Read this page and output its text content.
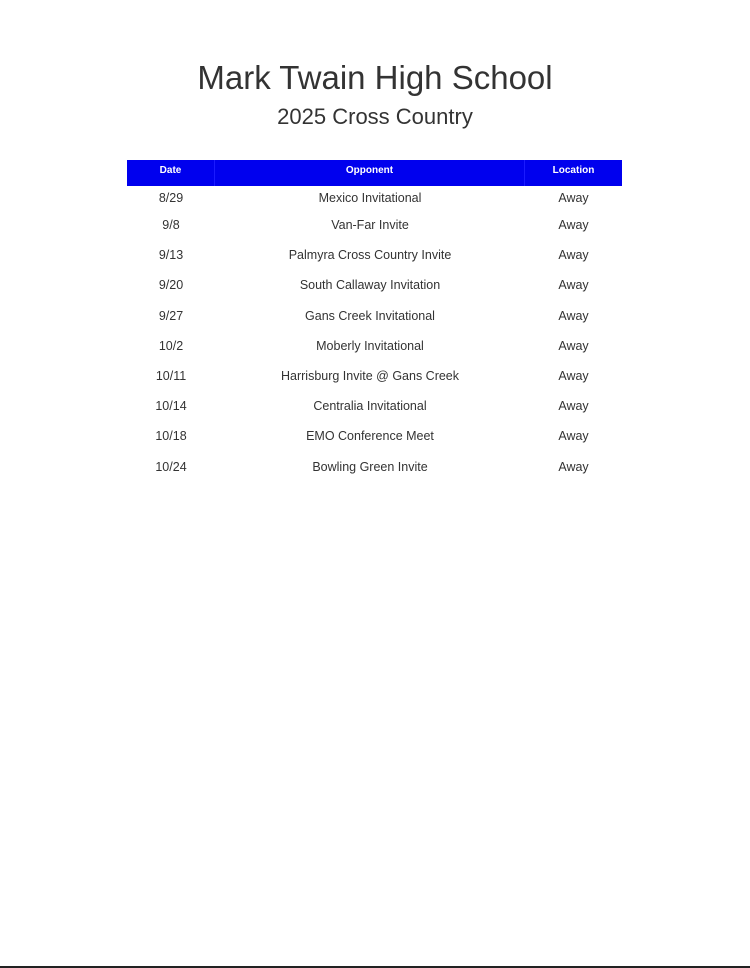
Mark Twain High School
2025 Cross Country
Date	Opponent	Location
8/29	Mexico Invitational	Away
9/8	Van-Far Invite	Away
9/13	Palmyra Cross Country Invite	Away
9/20	South Callaway Invitation	Away
9/27	Gans Creek Invitational	Away
10/2	Moberly Invitational	Away
10/11	Harrisburg Invite @ Gans Creek	Away
10/14	Centralia Invitational	Away
10/18	EMO Conference Meet	Away
10/24	Bowling Green Invite	Away
